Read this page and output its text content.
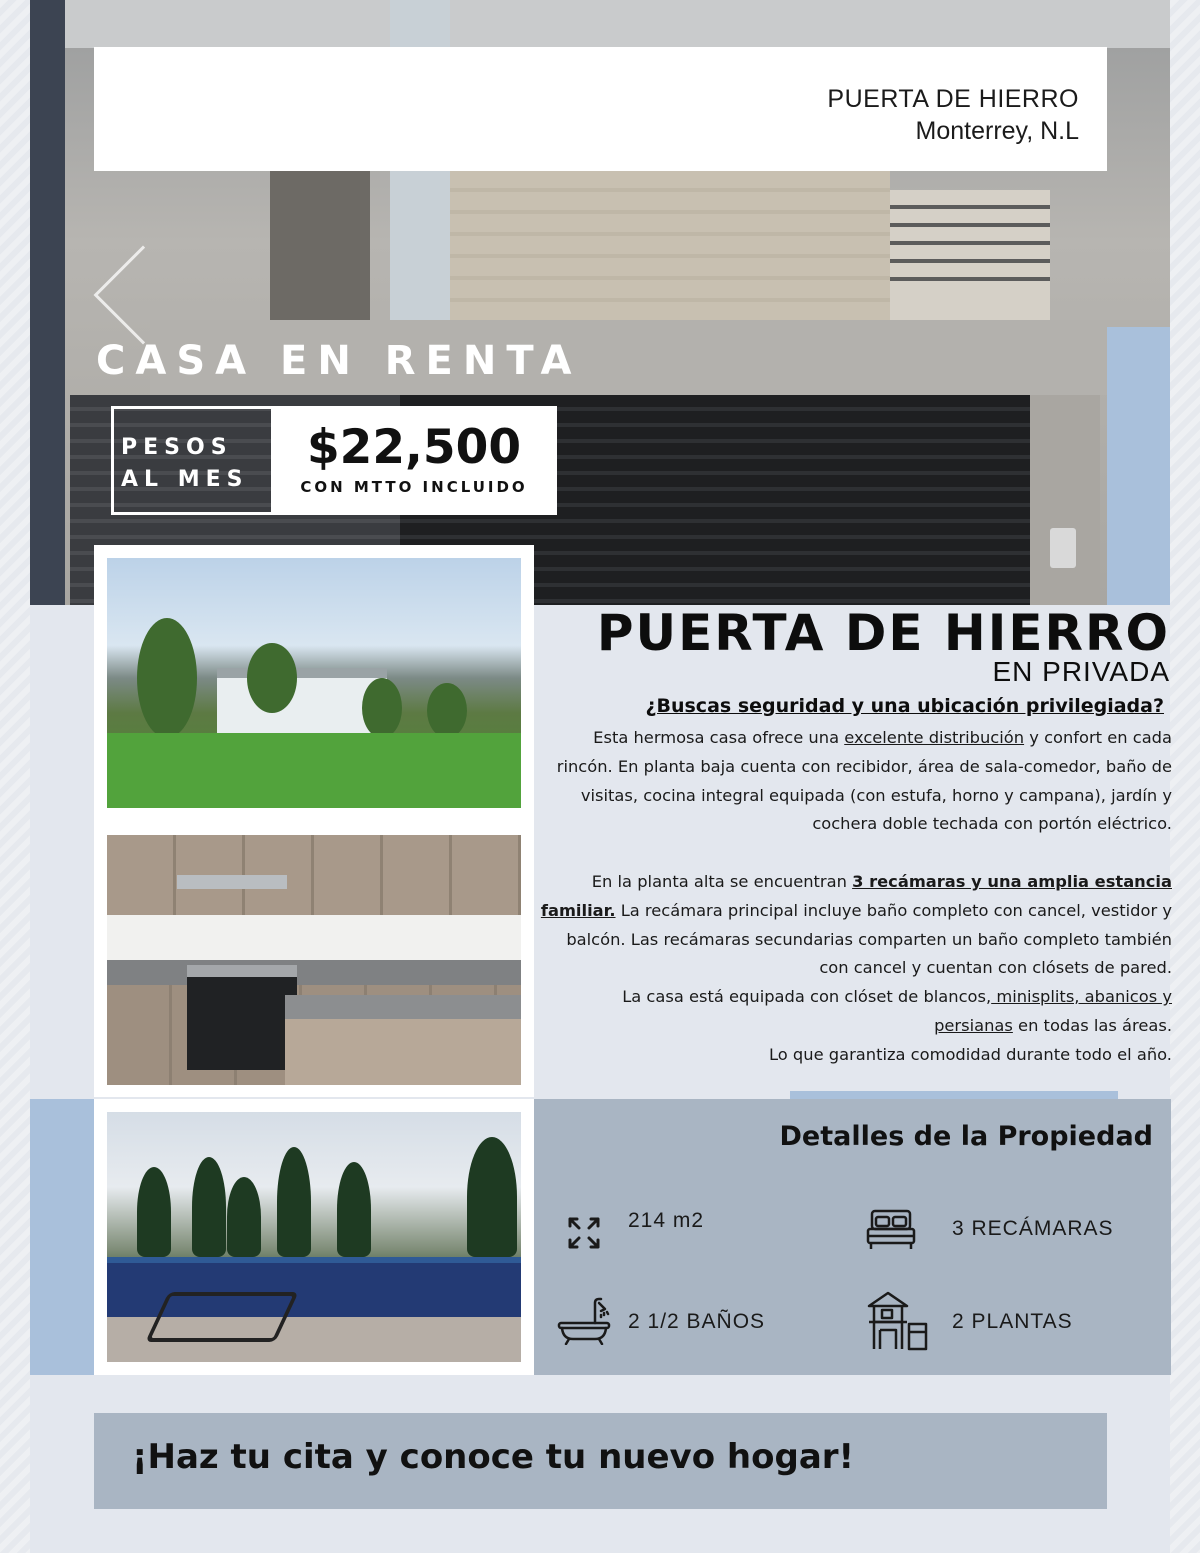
PUERTA DE HIERRO
Monterrey, N.L
CASA EN RENTA
PESOS
AL MES
$22,500
CON MTTO INCLUIDO
PUERTA DE HIERRO
EN PRIVADA
¿Buscas seguridad y una ubicación privilegiada?

Esta hermosa casa ofrece una excelente distribución y confort en cada rincón. En planta baja cuenta con recibidor, área de sala-comedor, baño de visitas, cocina integral equipada (con estufa, horno y campana), jardín y cochera doble techada con portón eléctrico.

En la planta alta se encuentran 3 recámaras y una amplia estancia familiar. La recámara principal incluye baño completo con cancel, vestidor y balcón. Las recámaras secundarias comparten un baño completo también con cancel y cuentan con clósets de pared.

La casa está equipada con clóset de blancos, minisplits, abanicos y persianas en todas las áreas.

Lo que garantiza comodidad durante todo el año.

Detalles de la Propiedad
214 m2	3 RECÁMARAS
2 1/2 BAÑOS	2 PLANTAS
¡Haz tu cita y conoce tu nuevo hogar!
